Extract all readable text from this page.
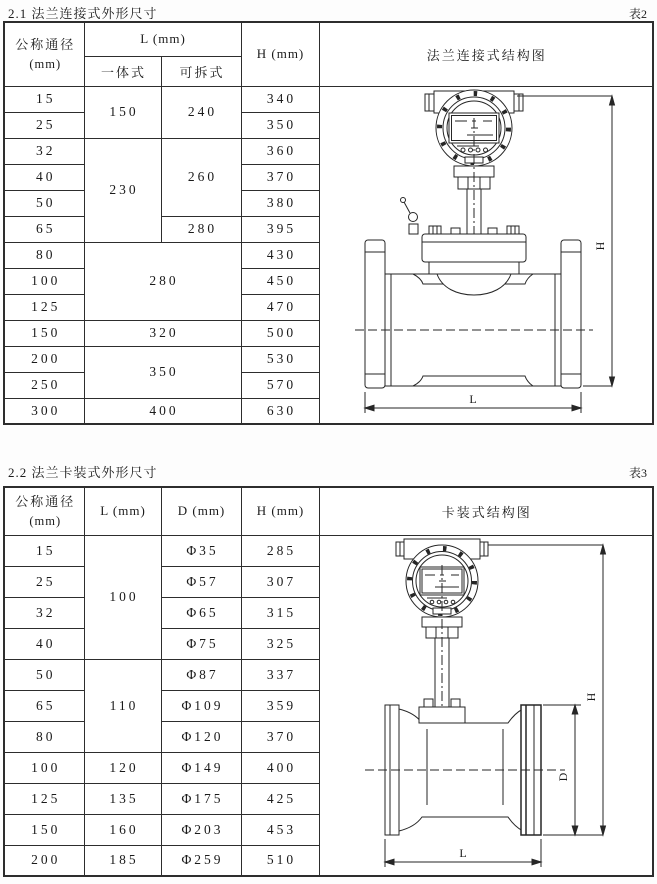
2.1 法兰连接式外形尺寸	表2
公称通径
(mm)	L (mm)		H (mm)	法兰连接式结构图
	一体式	可拆式		
15	150	240	340	L
H

25			350	
32	230	260	360	
40			370	
50			380	
65		280	395	
80	280		430	
100			450	
125			470	
150	320		500	
200	350		530	
250			570	
300	400		630	
2.2 法兰卡装式外形尺寸	表3
公称通径
(mm)	L (mm)	D (mm)	H (mm)	卡装式结构图
15	100	Φ35	285	L
D
H

25		Φ57	307	
32		Φ65	315	
40		Φ75	325	
50	110	Φ87	337	
65		Φ109	359	
80		Φ120	370	
100	120	Φ149	400	
125	135	Φ175	425	
150	160	Φ203	453	
200	185	Φ259	510	
